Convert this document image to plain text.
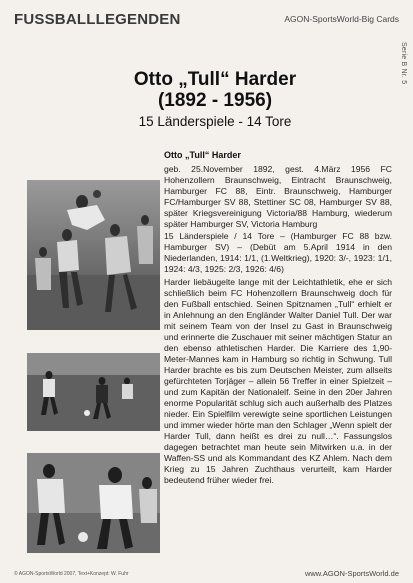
FUSSBALLLEGENDEN	AGON-SportsWorld-Big Cards
Serie B Nr. 5
Otto „Tull“ Harder
(1892 - 1956)
15 Länderspiele - 14 Tore
Otto „Tull“ Harder

geb. 25.November 1892, gest. 4.März 1956 FC Hohenzollern Braunschweig, Eintracht Braunschweig, Hamburger FC 88, Eintr. Braunschweig, Hamburger FC/Hamburger SV 88, Stettiner SC 08, Hamburger SV 88, später Kriegsvereinigung Victoria/88 Hamburg, wiederum später Hamburger SV, Victoria Hamburg

15 Länderspiele / 14 Tore – (Hamburger FC 88 bzw. Hamburger SV) – (Debüt am 5.April 1914 in den Niederlanden, 1914: 1/1, (1.Weltkrieg), 1920: 3/-, 1923: 1/1, 1924: 4/3, 1925: 2/3, 1926: 4/6)

Harder liebäugelte lange mit der Leichtathletik, ehe er sich schließlich beim FC Hohenzollern Braunschweig doch für den Fußball entschied. Seinen Spitznamen „Tull“ erhielt er in Anlehnung an den Engländer Walter Daniel Tull. Der war mit seinem Team von der Insel zu Gast in Braunschweig und erinnerte die Zuschauer mit seiner mächtigen Statur an den ebenso athletischen Harder. Die Karriere des 1,90-Meter-Mannes kam in Hamburg so richtig in Schwung. Tull Harder brachte es bis zum Deutschen Meister, zum allseits gefürchteten Torjäger – allein 56 Treffer in einer Spielzeit – und zum Kapitän der Nationalelf. Seine in den 20er Jahren enorme Popularität schlug sich auch außerhalb des Platzes nieder. Ein Spielfilm verewigte seine sportlichen Leistungen und immer wieder hörte man den Schlager „Wenn spielt der Harder Tull, dann heißt es drei zu null…“. Fassungslos dagegen betrachtet man heute sein Mitwirken u.a. in der Waffen-SS und als Kommandant des KZ Ahlem. Nach dem Krieg zu 15 Jahren Zuchthaus verurteilt, kam Harder bedeutend früher wieder frei.

© AGON-SportsWorld 2007, Text+Konzept: W. Fuhr	www.AGON-SportsWorld.de
